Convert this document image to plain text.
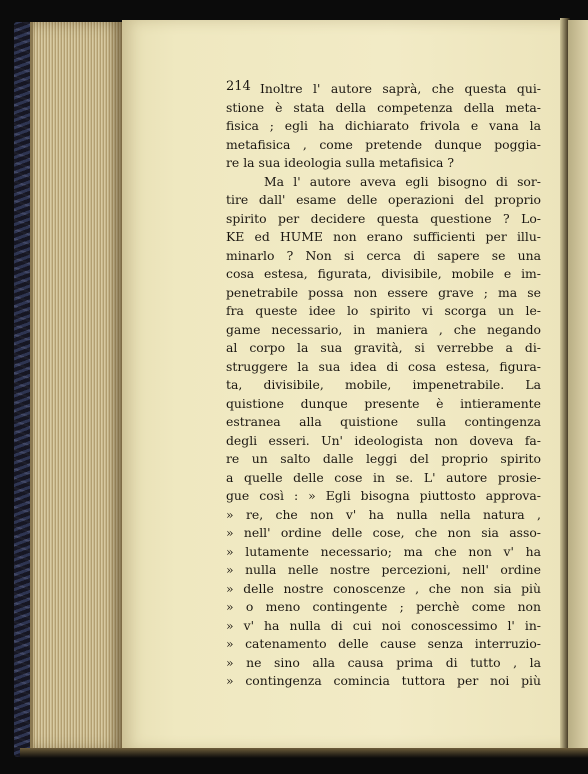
214 Inoltre l' autore saprà, che questa qui-
stione è stata della competenza della meta-
fisica ; egli ha dichiarato frivola e vana la
metafisica , come pretende dunque poggia-
re la sua ideologia sulla metafisica ?
Ma l' autore aveva egli bisogno di sor-
tire dall' esame delle operazioni del proprio
spirito per decidere questa questione ? Lo-
KE ed HUME non erano sufficienti per illu-
minarlo ? Non si cerca di sapere se una
cosa estesa, figurata, divisibile, mobile e im-
penetrabile possa non essere grave ; ma se
fra queste idee lo spirito vi scorga un le-
game necessario, in maniera , che negando
al corpo la sua gravità, si verrebbe a di-
struggere la sua idea di cosa estesa, figura-
ta, divisibile, mobile, impenetrabile. La
quistione dunque presente è intieramente
estranea alla quistione sulla contingenza
degli esseri. Un' ideologista non doveva fa-
re un salto dalle leggi del proprio spirito
a quelle delle cose in se. L' autore prosie-
gue così : » Egli bisogna piuttosto approva-
» re, che non v' ha nulla nella natura ,
» nell' ordine delle cose, che non sia asso-
» lutamente necessario; ma che non v' ha
» nulla nelle nostre percezioni, nell' ordine
» delle nostre conoscenze , che non sia più
» o meno contingente ; perchè come non
» v' ha nulla di cui noi conoscessimo l' in-
» catenamento delle cause senza interruzio-
» ne sino alla causa prima di tutto , la
» contingenza comincia tuttora per noi più
